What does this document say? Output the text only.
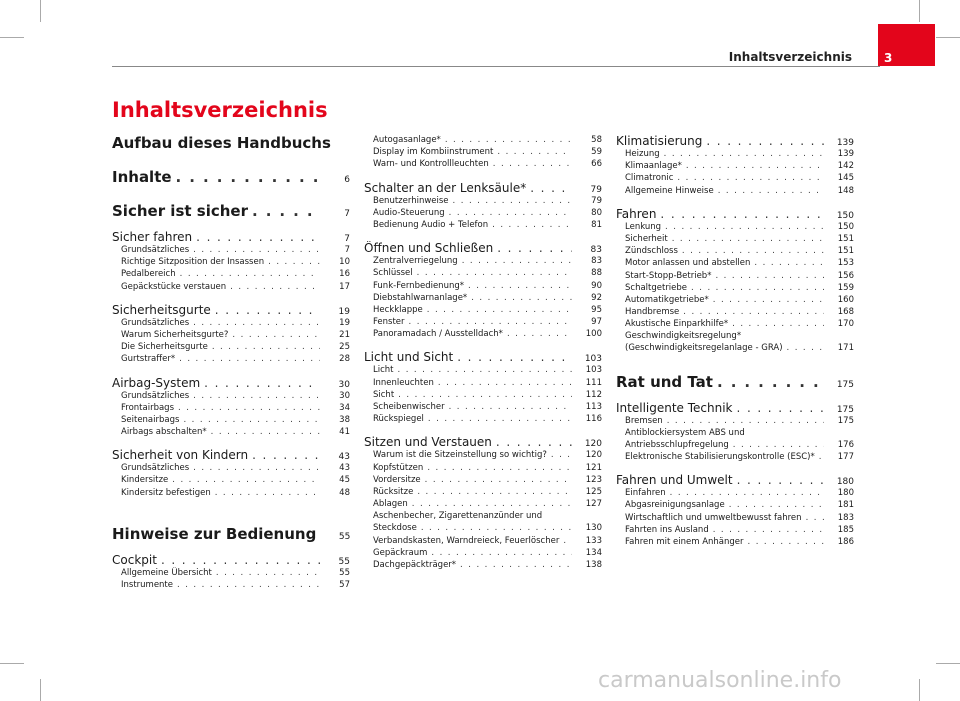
Inhaltsverzeichnis	3
Inhaltsverzeichnis
Aufbau dieses Handbuchs
. . .
Inhalte . . .	6
Sicher ist sicher . . .	7
Sicher fahren . . .	7
Grundsätzliches . . .	7
Richtige Sitzposition der Insassen . . .	10
Pedalbereich . . .	16
Gepäckstücke verstauen . . .	17
Sicherheitsgurte . . .	19
Grundsätzliches . . .	19
Warum Sicherheitsgurte? . . .	21
Die Sicherheitsgurte . . .	25
Gurtstraffer* . . .	28
Airbag-System . . .	30
Grundsätzliches . . .	30
Frontairbags . . .	34
Seitenairbags . . .	38
Airbags abschalten* . . .	41
Sicherheit von Kindern . . .	43
Grundsätzliches . . .	43
Kindersitze . . .	45
Kindersitz befestigen . . .	48
Hinweise zur Bedienung . . .	55
Cockpit . . .	55
Allgemeine Übersicht . . .	55
Instrumente . . .	57
Autogasanlage* . . .	58
Display im Kombiinstrument . . .	59
Warn- und Kontrollleuchten . . .	66
Schalter an der Lenksäule* . . .	79
Benutzerhinweise . . .	79
Audio-Steuerung . . .	80
Bedienung Audio + Telefon . . .	81
Öffnen und Schließen . . .	83
Zentralverriegelung . . .	83
Schlüssel . . .	88
Funk-Fernbedienung* . . .	90
Diebstahlwarnanlage* . . .	92
Heckklappe . . .	95
Fenster . . .	97
Panoramadach / Ausstelldach* . . .	100
Licht und Sicht . . .	103
Licht . . .	103
Innenleuchten . . .	111
Sicht . . .	112
Scheibenwischer . . .	113
Rückspiegel . . .	116
Sitzen und Verstauen . . .	120
Warum ist die Sitzeinstellung so wichtig? . . .	120
Kopfstützen . . .	121
Vordersitze . . .	123
Rücksitze . . .	125
Ablagen . . .	127
Aschenbecher, Zigarettenanzünder und
Steckdose . . .	130
Verbandskasten, Warndreieck, Feuerlöscher . . .	133
Gepäckraum . . .	134
Dachgepäckträger* . . .	138
Klimatisierung . . .	139
Heizung . . .	139
Klimaanlage* . . .	142
Climatronic . . .	145
Allgemeine Hinweise . . .	148
Fahren . . .	150
Lenkung . . .	150
Sicherheit . . .	151
Zündschloss . . .	151
Motor anlassen und abstellen . . .	153
Start-Stopp-Betrieb* . . .	156
Schaltgetriebe . . .	159
Automatikgetriebe* . . .	160
Handbremse . . .	168
Akustische Einparkhilfe* . . .	170
Geschwindigkeitsregelung*
(Geschwindigkeitsregelanlage - GRA) . . .	171
Rat und Tat . . .	175
Intelligente Technik . . .	175
Bremsen . . .	175
Antiblockiersystem ABS und
Antriebsschlupfregelung . . .	176
Elektronische Stabilisierungskontrolle (ESC)* . . .	177
Fahren und Umwelt . . .	180
Einfahren . . .	180
Abgasreinigungsanlage . . .	181
Wirtschaftlich und umweltbewusst fahren . . .	183
Fahrten ins Ausland . . .	185
Fahren mit einem Anhänger . . .	186
carmanualsonline.info
